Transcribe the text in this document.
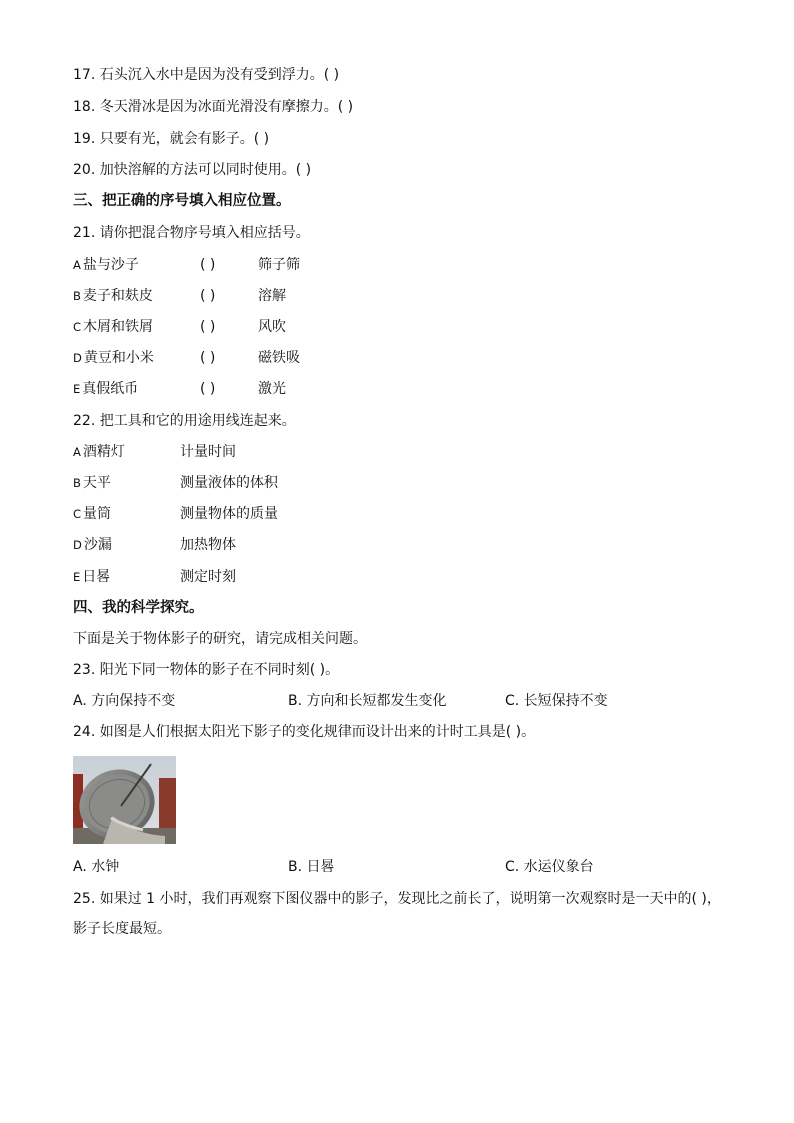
17. 石头沉入水中是因为没有受到浮力。( )
18. 冬天滑冰是因为冰面光滑没有摩擦力。( )
19. 只要有光，就会有影子。( )
20. 加快溶解的方法可以同时使用。( )
三、把正确的序号填入相应位置。
21. 请你把混合物序号填入相应括号。
A 盐与沙子	( )	筛子筛
B 麦子和麸皮	( )	溶解
C 木屑和铁屑	( )	风吹
D 黄豆和小米	( )	磁铁吸
E 真假纸币	( )	激光
22. 把工具和它的用途用线连起来。
A 酒精灯	计量时间
B 天平	测量液体的体积
C 量筒	测量物体的质量
D 沙漏	加热物体
E 日晷	测定时刻
四、我的科学探究。
下面是关于物体影子的研究，请完成相关问题。
23. 阳光下同一物体的影子在不同时刻( )。
A. 方向保持不变	B. 方向和长短都发生变化	C. 长短保持不变
24. 如图是人们根据太阳光下影子的变化规律而设计出来的计时工具是( )。
A. 水钟	B. 日晷	C. 水运仪象台
25. 如果过 1 小时，我们再观察下图仪器中的影子，发现比之前长了，说明第一次观察时是一天中的( )，
影子长度最短。
